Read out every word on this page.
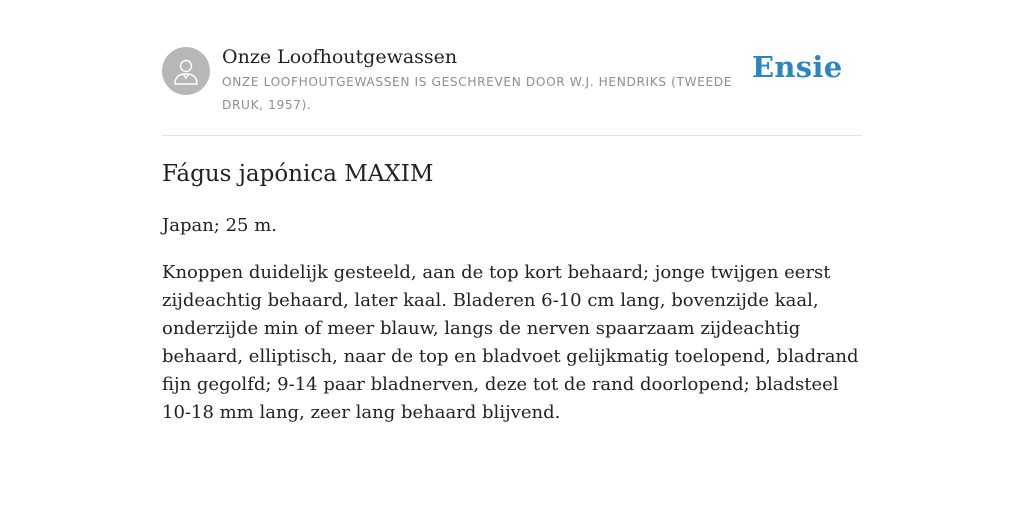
Onze Loofhoutgewassen
ONZE LOOFHOUTGEWASSEN IS GESCHREVEN DOOR W.J. HENDRIKS (TWEEDE DRUK, 1957).
Ensie
Fágus japónica MAXIM

Japan; 25 m.

Knoppen duidelijk gesteeld, aan de top kort behaard; jonge twijgen eerst zijdeachtig behaard, later kaal. Bladeren 6-10 cm lang, bovenzijde kaal, onderzijde min of meer blauw, langs de nerven spaarzaam zijdeachtig behaard, elliptisch, naar de top en bladvoet gelijkmatig toelopend, bladrand fijn gegolfd; 9-14 paar bladnerven, deze tot de rand doorlopend; bladsteel 10-18 mm lang, zeer lang behaard blijvend.
